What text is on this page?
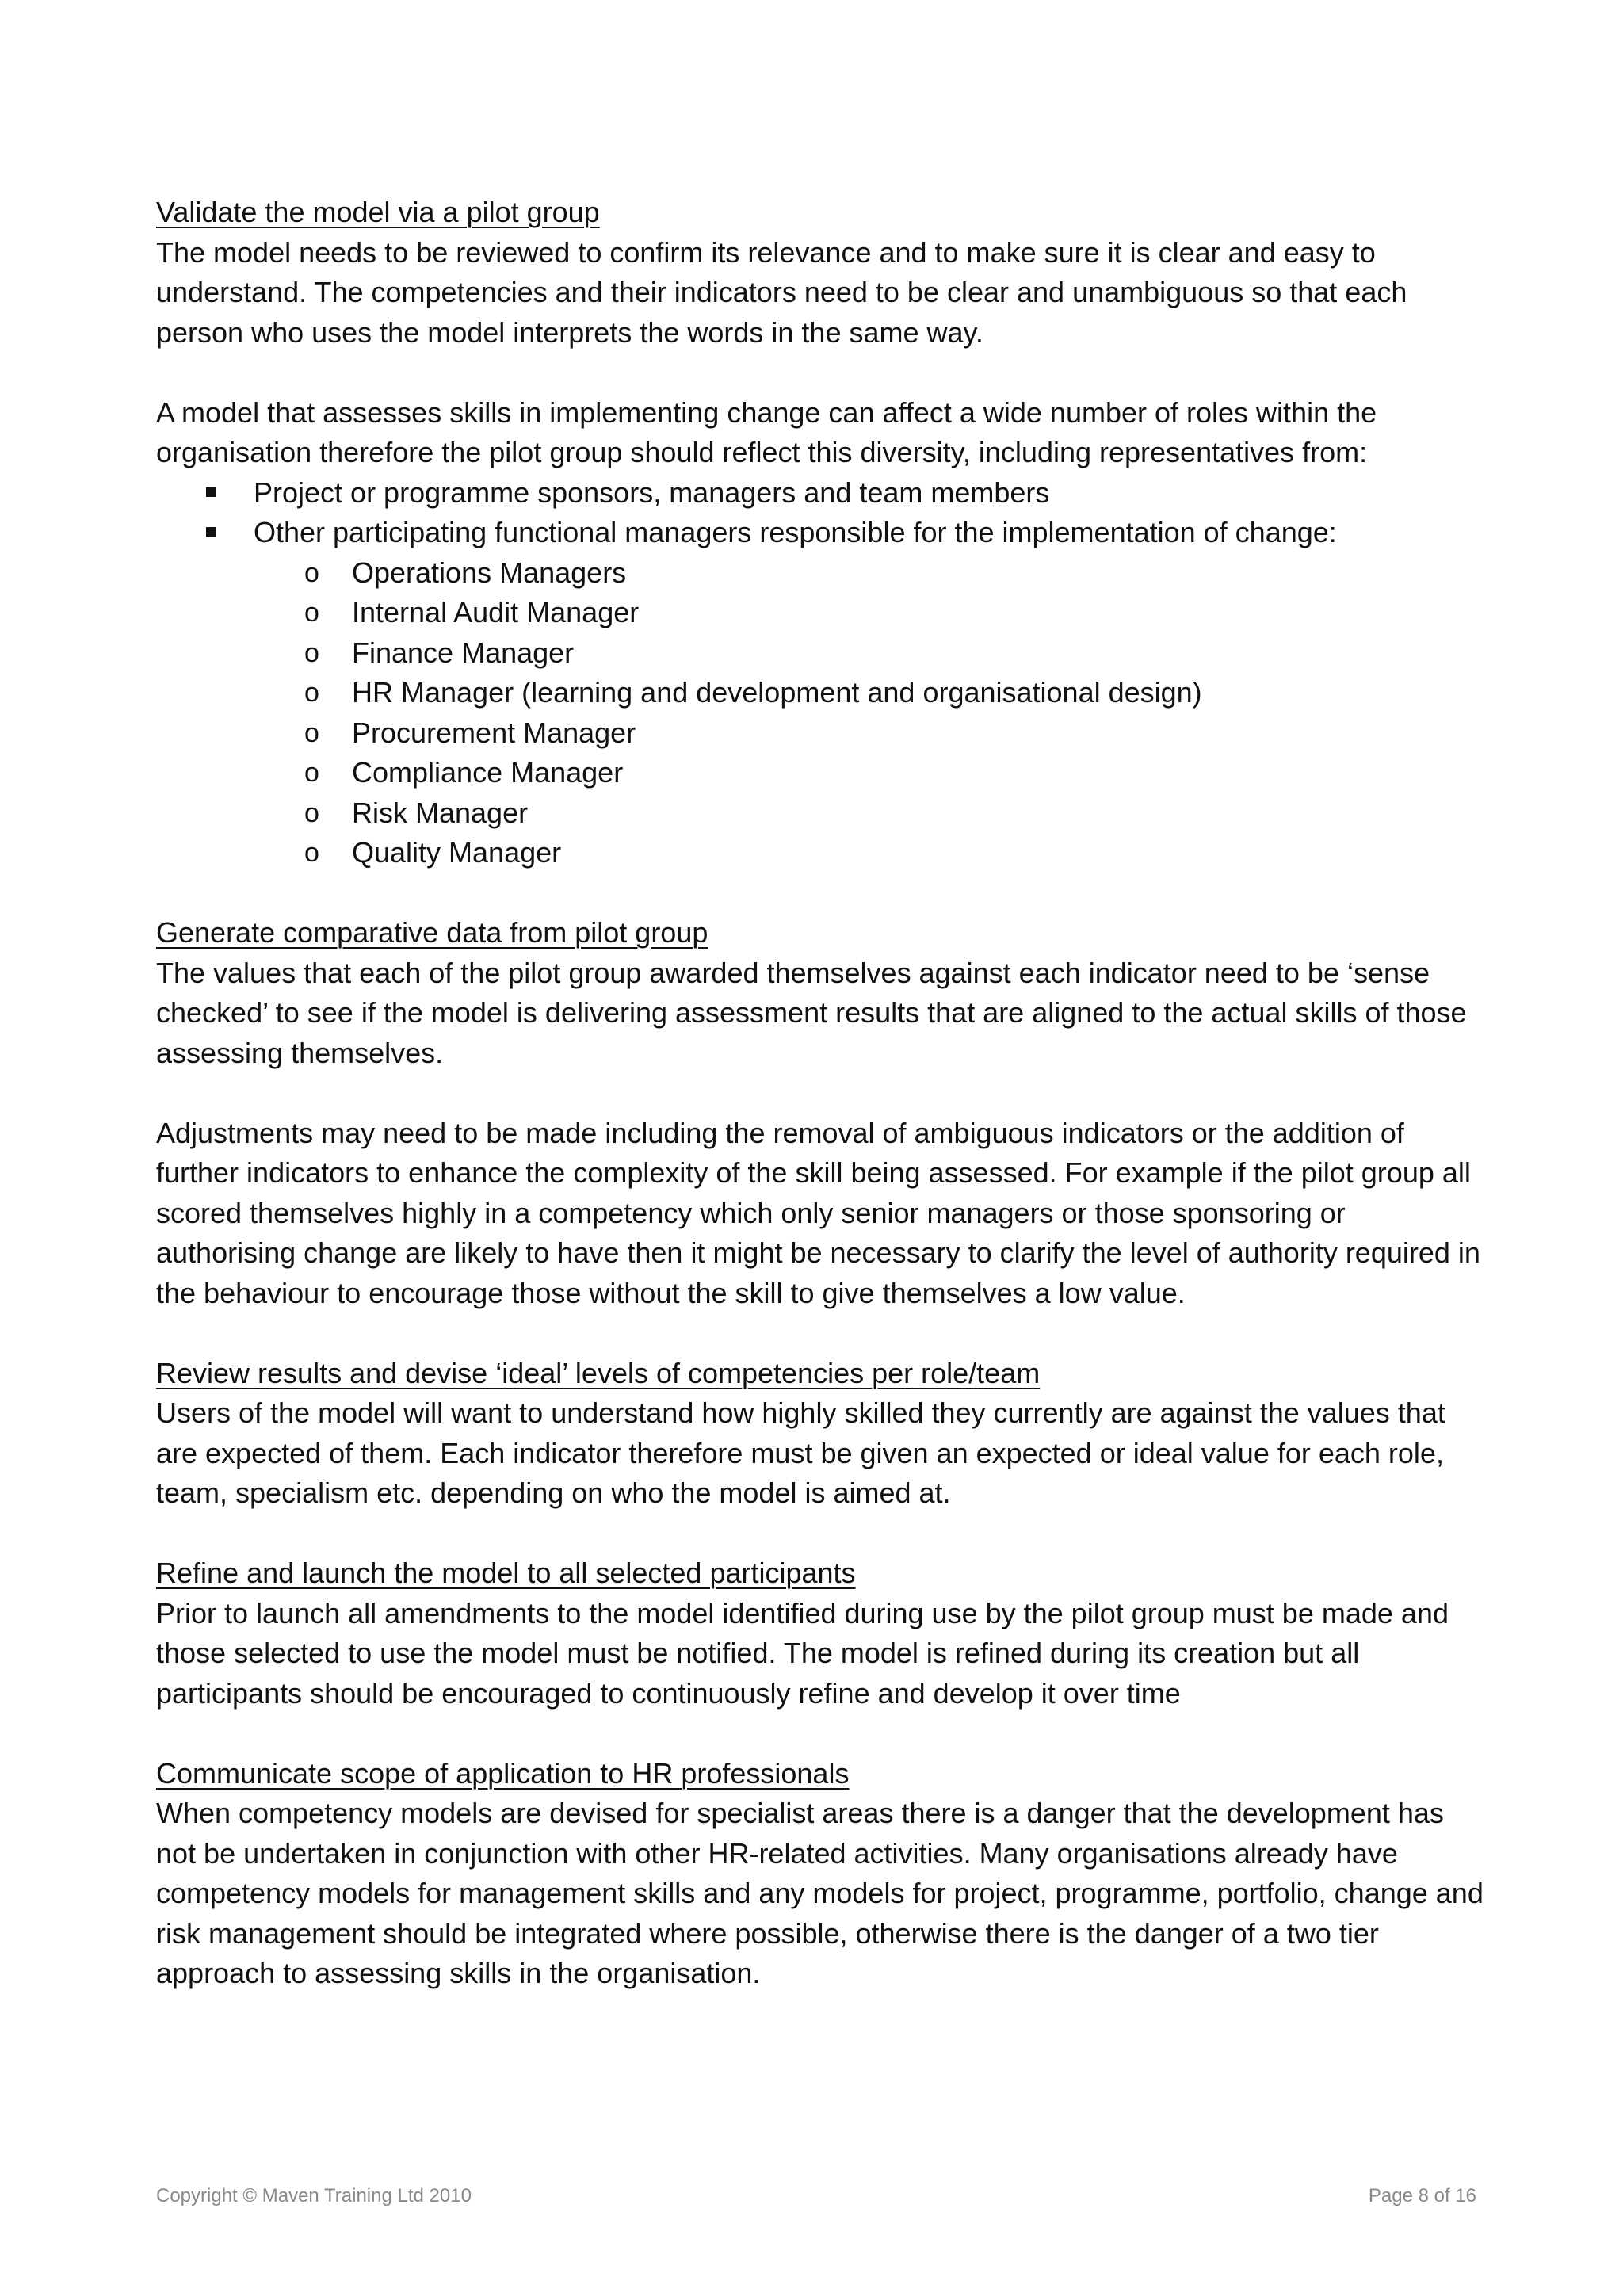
Validate the model via a pilot group

The model needs to be reviewed to confirm its relevance and to make sure it is clear and easy to understand. The competencies and their indicators need to be clear and unambiguous so that each person who uses the model interprets the words in the same way.

A model that assesses skills in implementing change can affect a wide number of roles within the organisation therefore the pilot group should reflect this diversity, including representatives from:

Project or programme sponsors, managers and team members
Other participating functional managers responsible for the implementation of change:
o Operations Managers
o Internal Audit Manager
o Finance Manager
o HR Manager (learning and development and organisational design)
o Procurement Manager
o Compliance Manager
o Risk Manager
o Quality Manager

Generate comparative data from pilot group

The values that each of the pilot group awarded themselves against each indicator need to be ‘sense checked’ to see if the model is delivering assessment results that are aligned to the actual skills of those assessing themselves.

Adjustments may need to be made including the removal of ambiguous indicators or the addition of further indicators to enhance the complexity of the skill being assessed. For example if the pilot group all scored themselves highly in a competency which only senior managers or those sponsoring or authorising change are likely to have then it might be necessary to clarify the level of authority required in the behaviour to encourage those without the skill to give themselves a low value.

Review results and devise ‘ideal’ levels of competencies per role/team

Users of the model will want to understand how highly skilled they currently are against the values that are expected of them. Each indicator therefore must be given an expected or ideal value for each role, team, specialism etc. depending on who the model is aimed at.

Refine and launch the model to all selected participants

Prior to launch all amendments to the model identified during use by the pilot group must be made and those selected to use the model must be notified. The model is refined during its creation but all participants should be encouraged to continuously refine and develop it over time

Communicate scope of application to HR professionals

When competency models are devised for specialist areas there is a danger that the development has not be undertaken in conjunction with other HR-related activities. Many organisations already have competency models for management skills and any models for project, programme, portfolio, change and risk management should be integrated where possible, otherwise there is the danger of a two tier approach to assessing skills in the organisation.

Copyright © Maven Training Ltd 2010	Page 8 of 16
